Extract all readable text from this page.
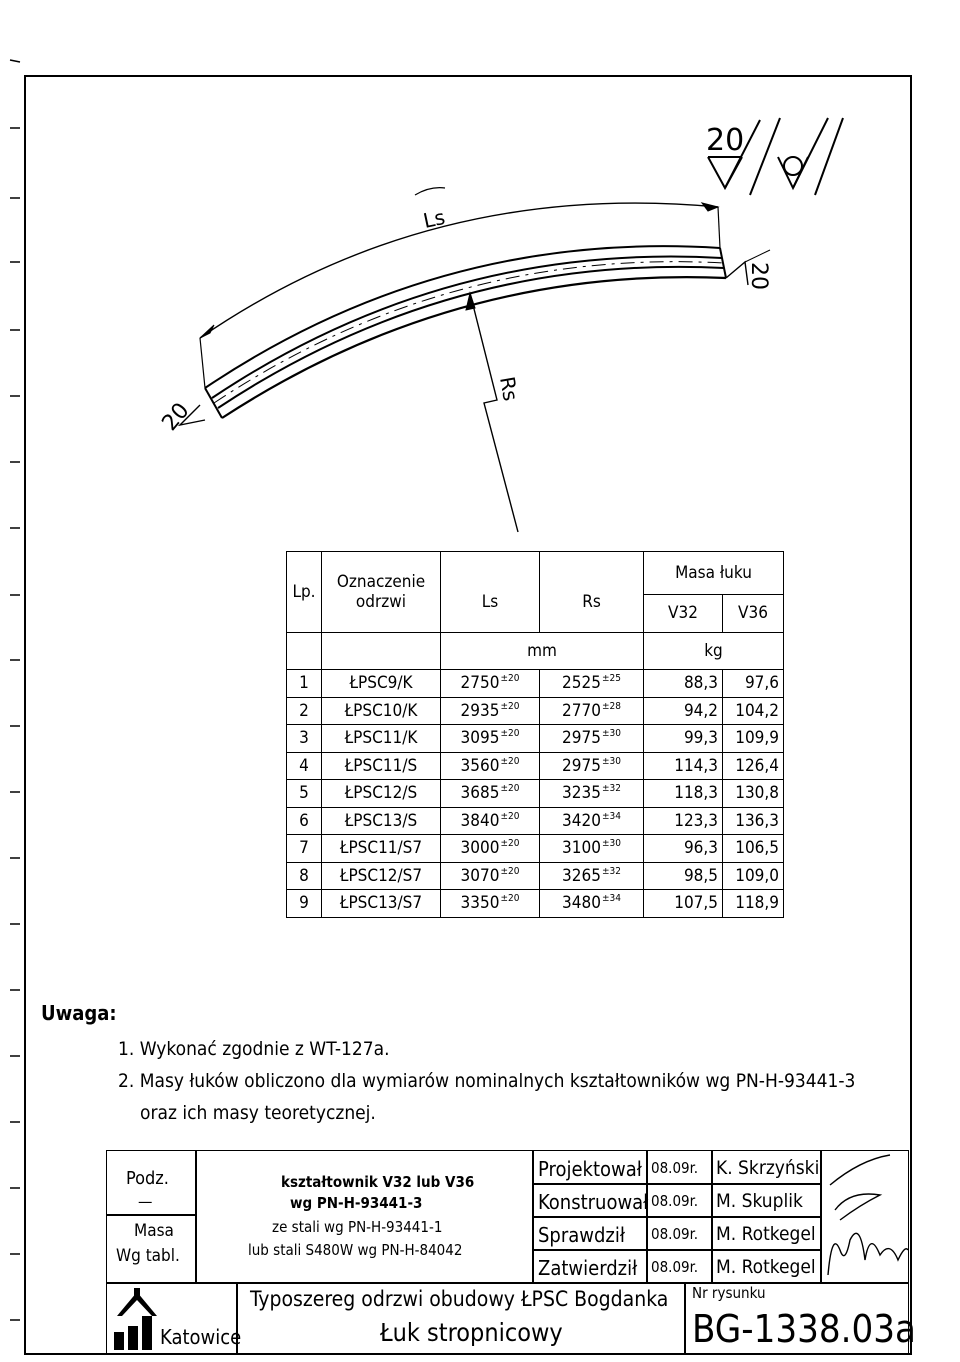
20
Ls
Rs
20
20
Lp.	Oznaczenie odrzwi	Ls	Rs	Masa łuku	
				V32	V36
		mm		kg	
1	ŁPSC9/K	$2750^{\pm 20}$	$2525^{\pm 25}$	88,3	97,6
2	ŁPSC10/K	$2935^{\pm 20}$	$2770^{\pm 28}$	94,2	104,2
3	ŁPSC11/K	$3095^{\pm 20}$	$2975^{\pm 30}$	99,3	109,9
4	ŁPSC11/S	$3560^{\pm 20}$	$2975^{\pm 30}$	114,3	126,4
5	ŁPSC12/S	$3685^{\pm 20}$	$3235^{\pm 32}$	118,3	130,8
6	ŁPSC13/S	$3840^{\pm 20}$	$3420^{\pm 34}$	123,3	136,3
7	ŁPSC11/S7	$3000^{\pm 20}$	$3100^{\pm 30}$	96,3	106,5
8	ŁPSC12/S7	$3070^{\pm 20}$	$3265^{\pm 32}$	98,5	109,0
9	ŁPSC13/S7	$3350^{\pm 20}$	$3480^{\pm 34}$	107,5	118,9
Uwaga:
1. Wykonać zgodnie z WT-127a.
2. Masy łuków obliczono dla wymiarów nominalnych kształtowników wg PN-H-93441-3
oraz ich masy teoretycznej.
Podz.
—
Masa
Wg tabl.
kształtownik V32 lub V36
wg PN-H-93441-3
ze stali wg PN-H-93441-1
lub stali S480W wg PN-H-84042
Projektował 08.09r. K. Skrzyński
Konstruował 08.09r. M. Skuplik
Sprawdził 08.09r. M. Rotkegel
Zatwierdził 08.09r. M. Rotkegel
Katowice
Typoszereg odrzwi obudowy ŁPSC Bogdanka
Łuk stropnicowy
Nr rysunku
BG-1338.03a
